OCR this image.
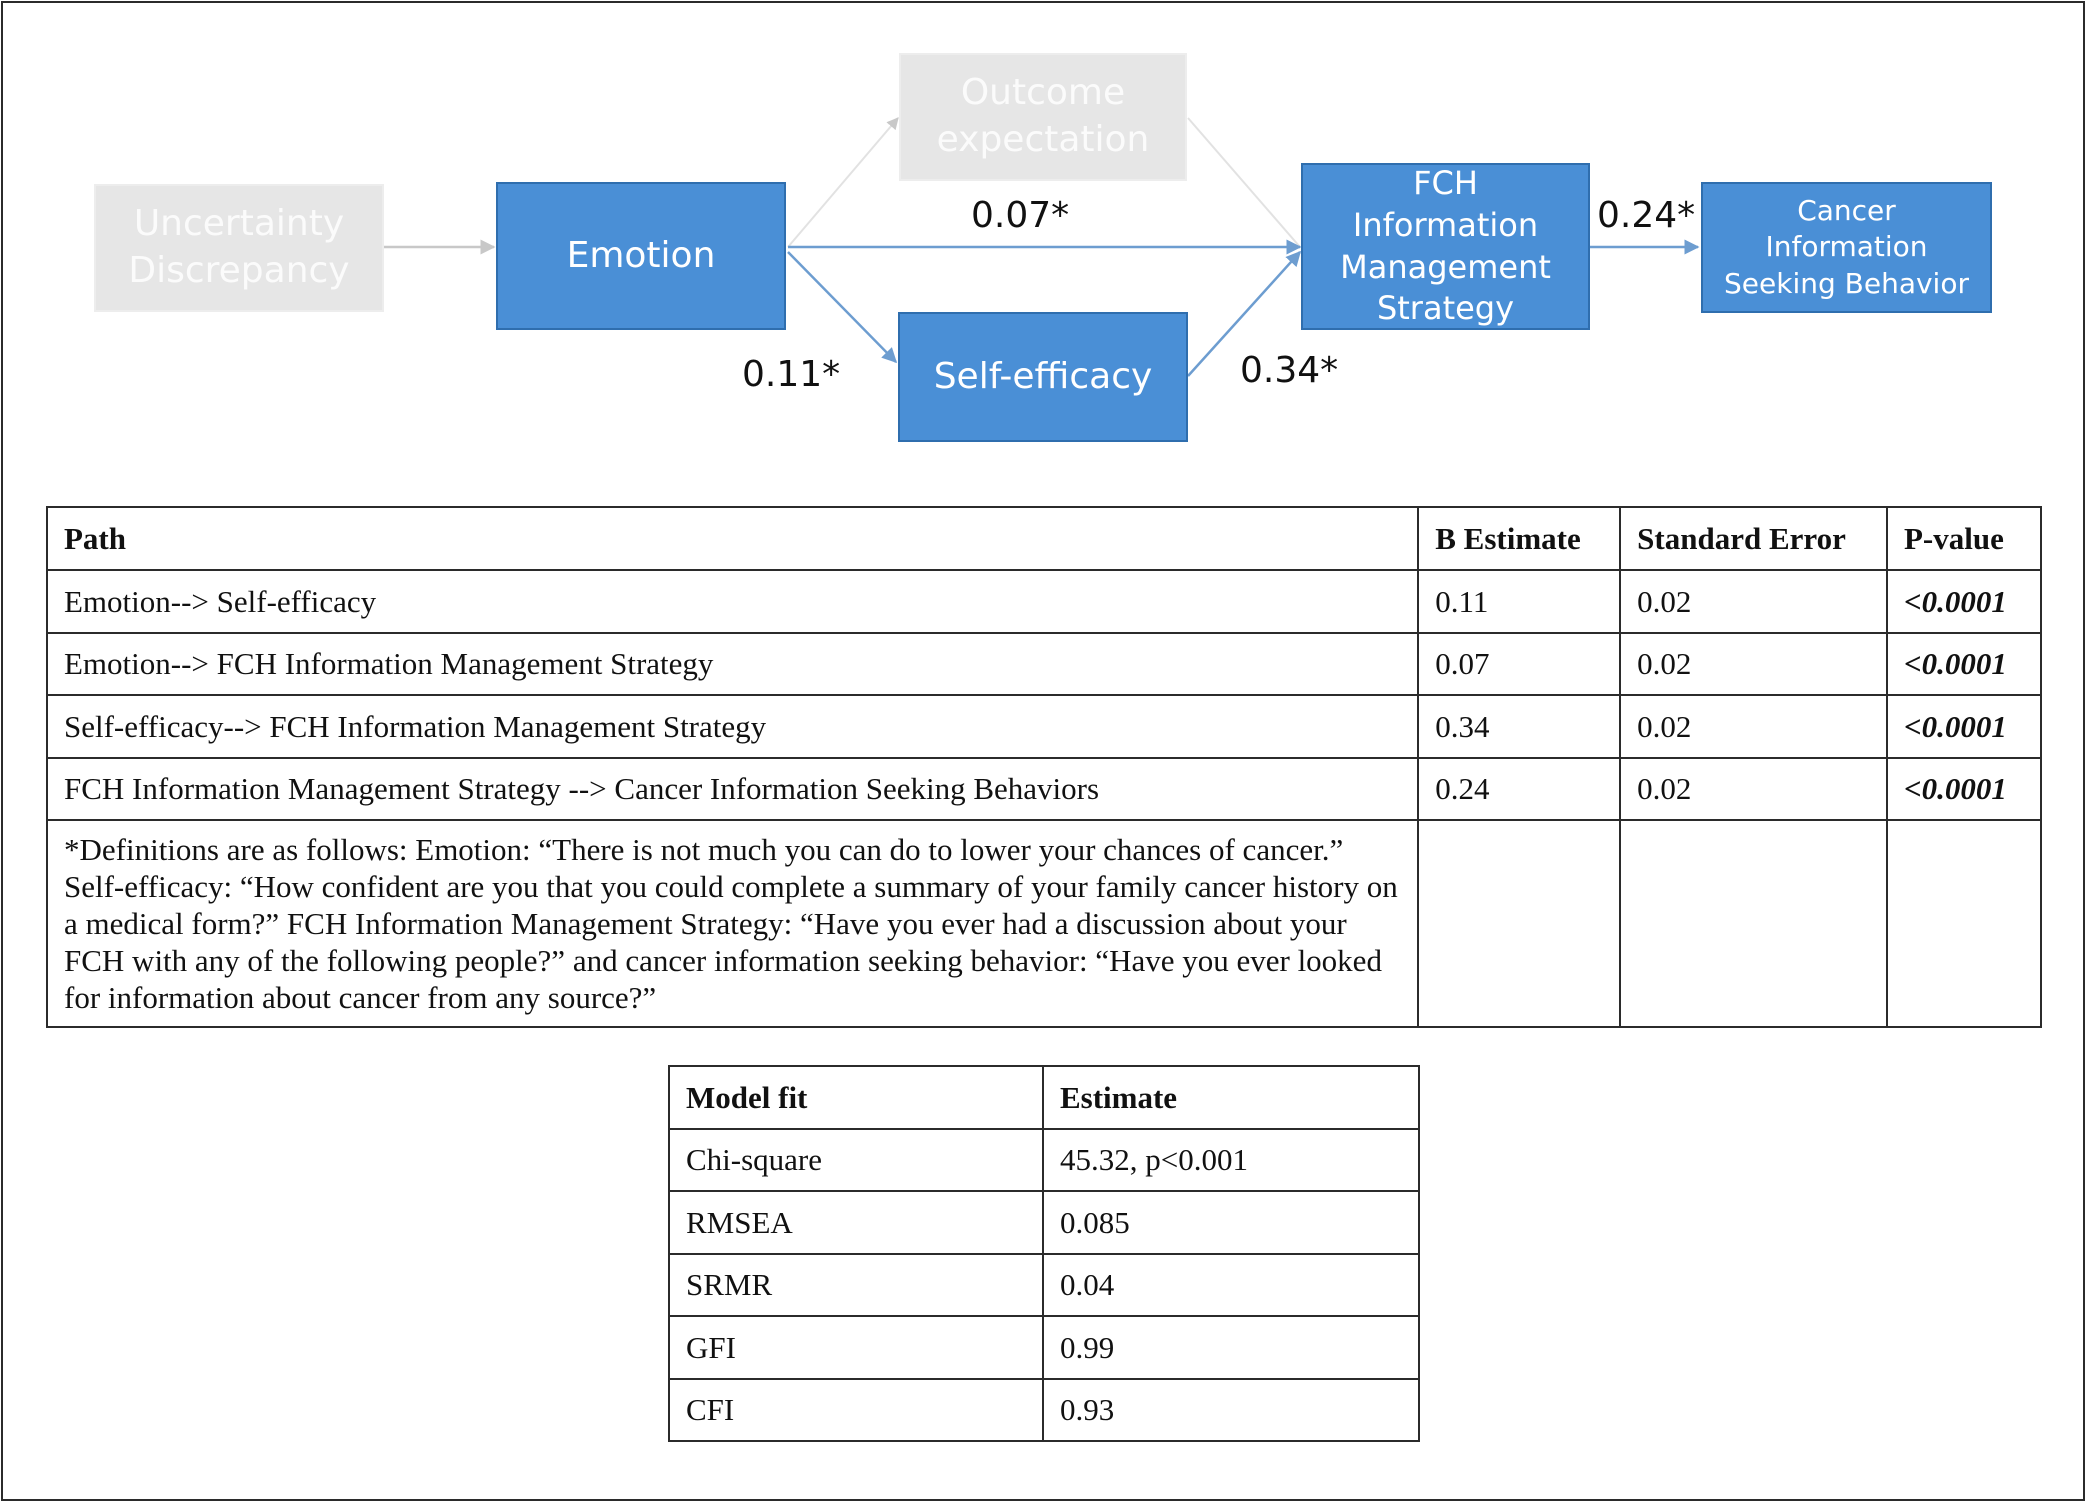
Uncertainty Discrepancy	Emotion
Outcome expectation
Self-efficacy
FCH Information Management Strategy
Cancer Information Seeking Behavior
0.07*
0.11*	0.34*
0.24*
Path	B Estimate	Standard Error	P-value
Emotion--> Self-efficacy	0.11	0.02	<0.0001
Emotion--> FCH Information Management Strategy	0.07	0.02	<0.0001
Self-efficacy--> FCH Information Management Strategy	0.34	0.02	<0.0001
FCH Information Management Strategy --> Cancer Information Seeking Behaviors	0.24	0.02	<0.0001
*Definitions are as follows: Emotion: “There is not much you can do to lower your chances of cancer.” Self-efficacy: “How confident are you that you could complete a summary of your family cancer history on a medical form?” FCH Information Management Strategy: “Have you ever had a discussion about your FCH with any of the following people?” and cancer information seeking behavior: “Have you ever looked for information about cancer from any source?”			
Model fit	Estimate
Chi-square	45.32, p<0.001
RMSEA	0.085
SRMR	0.04
GFI	0.99
CFI	0.93
